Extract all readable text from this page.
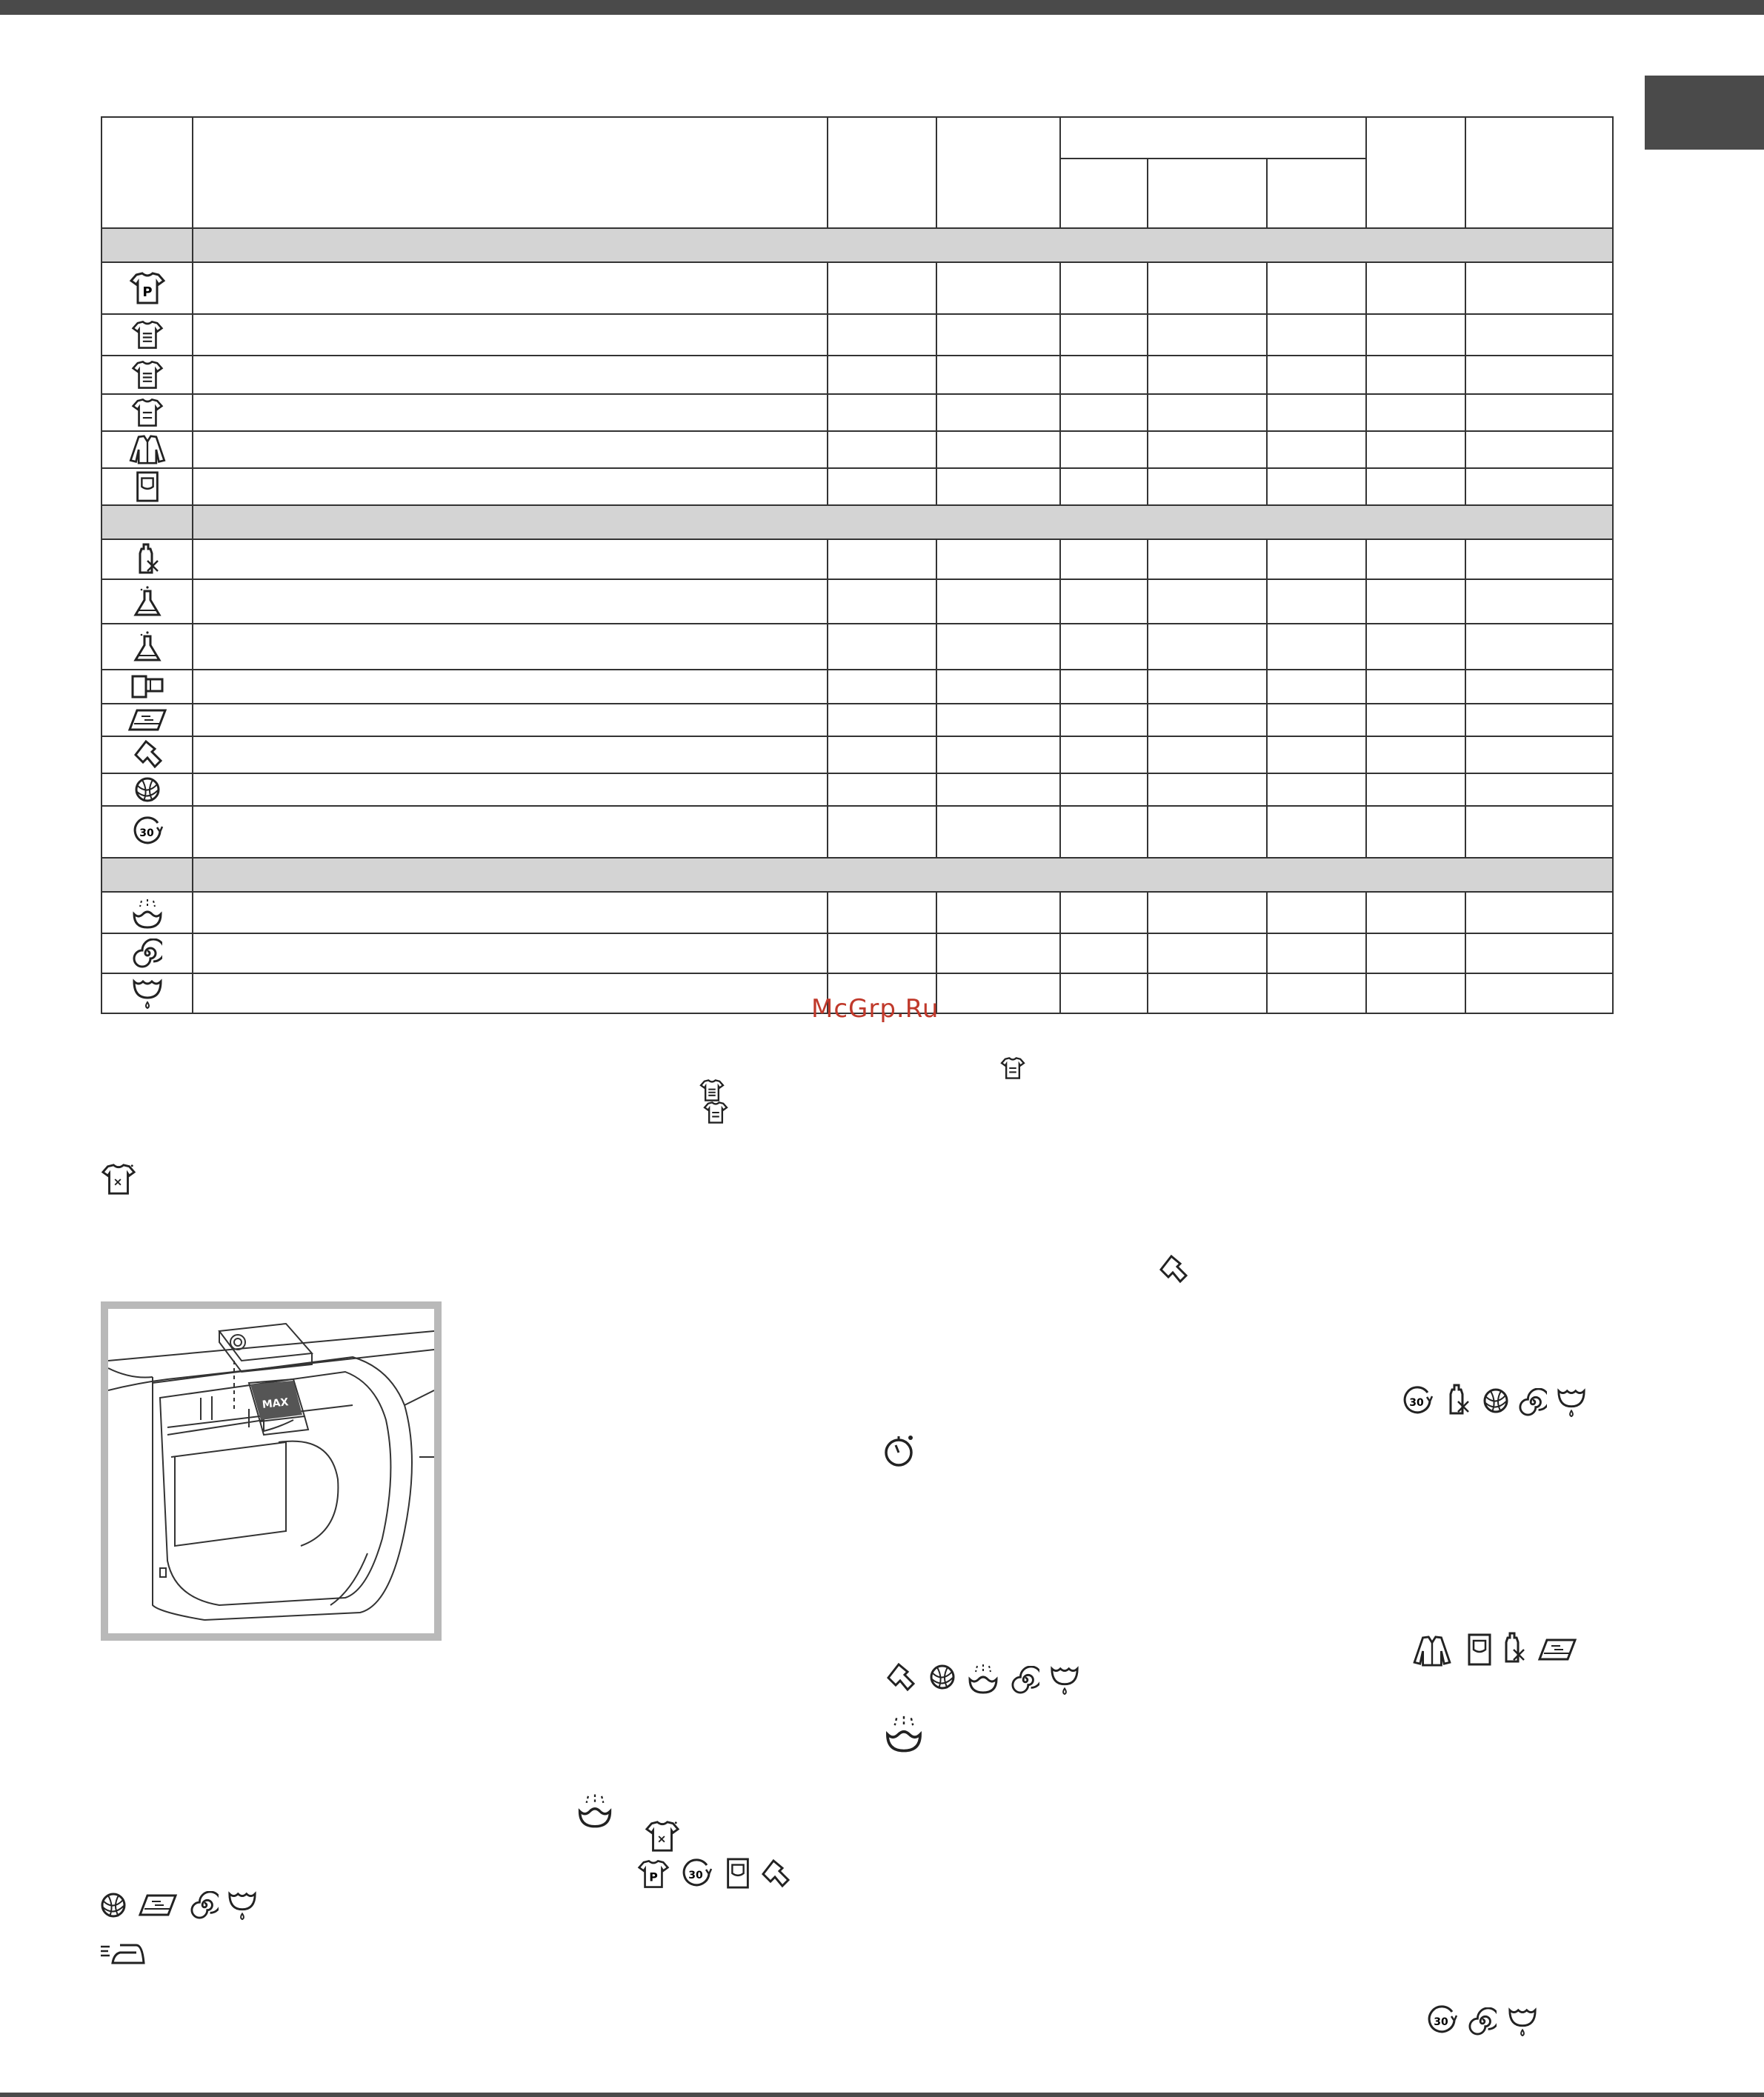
P								

30								

McGrp.Ru
30
P	30
30
MAX
